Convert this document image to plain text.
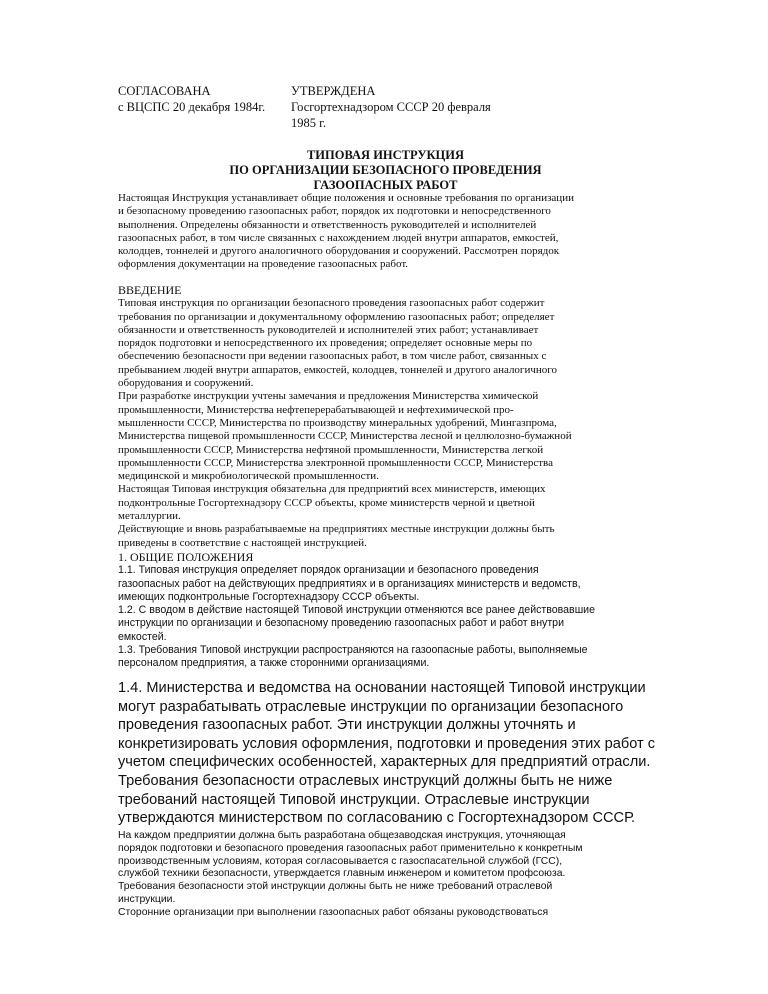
СОГЛАСОВАНА
с ВЦСПС 20 декабря 1984г.
УТВЕРЖДЕНА
Госгортехнадзором СССР 20 февраля
1985 г.
ТИПОВАЯ ИНСТРУКЦИЯ
ПО ОРГАНИЗАЦИИ БЕЗОПАСНОГО ПРОВЕДЕНИЯ
ГАЗООПАСНЫХ РАБОТ
Настоящая Инструкция устанавливает общие положения и основные требования по организации
и безопасному проведению газоопасных работ, порядок их подготовки и непосредственного
выполнения. Определены обязанности и ответственность руководителей и исполнителей
газоопасных работ, в том числе связанных с нахождением людей внутри аппаратов, емкостей,
колодцев, тоннелей и другого аналогичного оборудования и сооружений. Рассмотрен порядок
оформления документации на проведение газоопасных работ.
ВВЕДЕНИЕ
Типовая инструкция по организации безопасного проведения газоопасных работ содержит
требования по организации и документальному оформлению газоопасных работ; определяет
обязанности и ответственность руководителей и исполнителей этих работ; устанавливает
порядок подготовки и непосредственного их проведения; определяет основные меры по
обеспечению безопасности при ведении газоопасных работ, в том числе работ, связанных с
пребыванием людей внутри аппаратов, емкостей, колодцев, тоннелей и другого аналогичного
оборудования и сооружений.
При разработке инструкции учтены замечания и предложения Министерства химической
промышленности, Министерства нефтеперерабатывающей и нефтехимической про-
мышленности СССР, Министерства по производству минеральных удобрений, Мингазпрома,
Министерства пищевой промышленности СССР, Министерства лесной и целлюлозно-бумажной
промышленности СССР, Министерства нефтяной промышленности, Министерства легкой
промышленности СССР, Министерства электронной промышленности СССР, Министерства
медицинской и микробиологической промышленности.
Настоящая Типовая инструкция обязательна для предприятий всех министерств, имеющих
подконтрольные Госгортехнадзору СССР объекты, кроме министерств черной и цветной
металлургии.
Действующие и вновь разрабатываемые на предприятиях местные инструкции должны быть
приведены в соответствие с настоящей инструкцией.
1. ОБЩИЕ ПОЛОЖЕНИЯ
1.1. Типовая инструкция определяет порядок организации и безопасного проведения
газоопасных работ на действующих предприятиях и в организациях министерств и ведомств,
имеющих подконтрольные Госгортехнадзору СССР объекты.
1.2. С вводом в действие настоящей Типовой инструкции отменяются все ранее действовавшие
инструкции по организации и безопасному проведению газоопасных работ и работ внутри
емкостей.
1.3. Требования Типовой инструкции распространяются на газоопасные работы, выполняемые
персоналом предприятия, а также сторонними организациями.
1.4. Министерства и ведомства на основании настоящей Типовой инструкции
могут разрабатывать отраслевые инструкции по организации безопасного
проведения газоопасных работ. Эти инструкции должны уточнять и
конкретизировать условия оформления, подготовки и проведения этих работ с
учетом специфических особенностей, характерных для предприятий отрасли.
Требования безопасности отраслевых инструкций должны быть не ниже
требований настоящей Типовой инструкции. Отраслевые инструкции
утверждаются министерством по согласованию с Госгортехнадзором СССР.
На каждом предприятии должна быть разработана общезаводская инструкция, уточняющая
порядок подготовки и безопасного проведения газоопасных работ применительно к конкретным
производственным условиям, которая согласовывается с газоспасательной службой (ГСС),
службой техники безопасности, утверждается главным инженером и комитетом профсоюза.
Требования безопасности этой инструкции должны быть не ниже требований отраслевой
инструкции.
Сторонние организации при выполнении газоопасных работ обязаны руководствоваться
